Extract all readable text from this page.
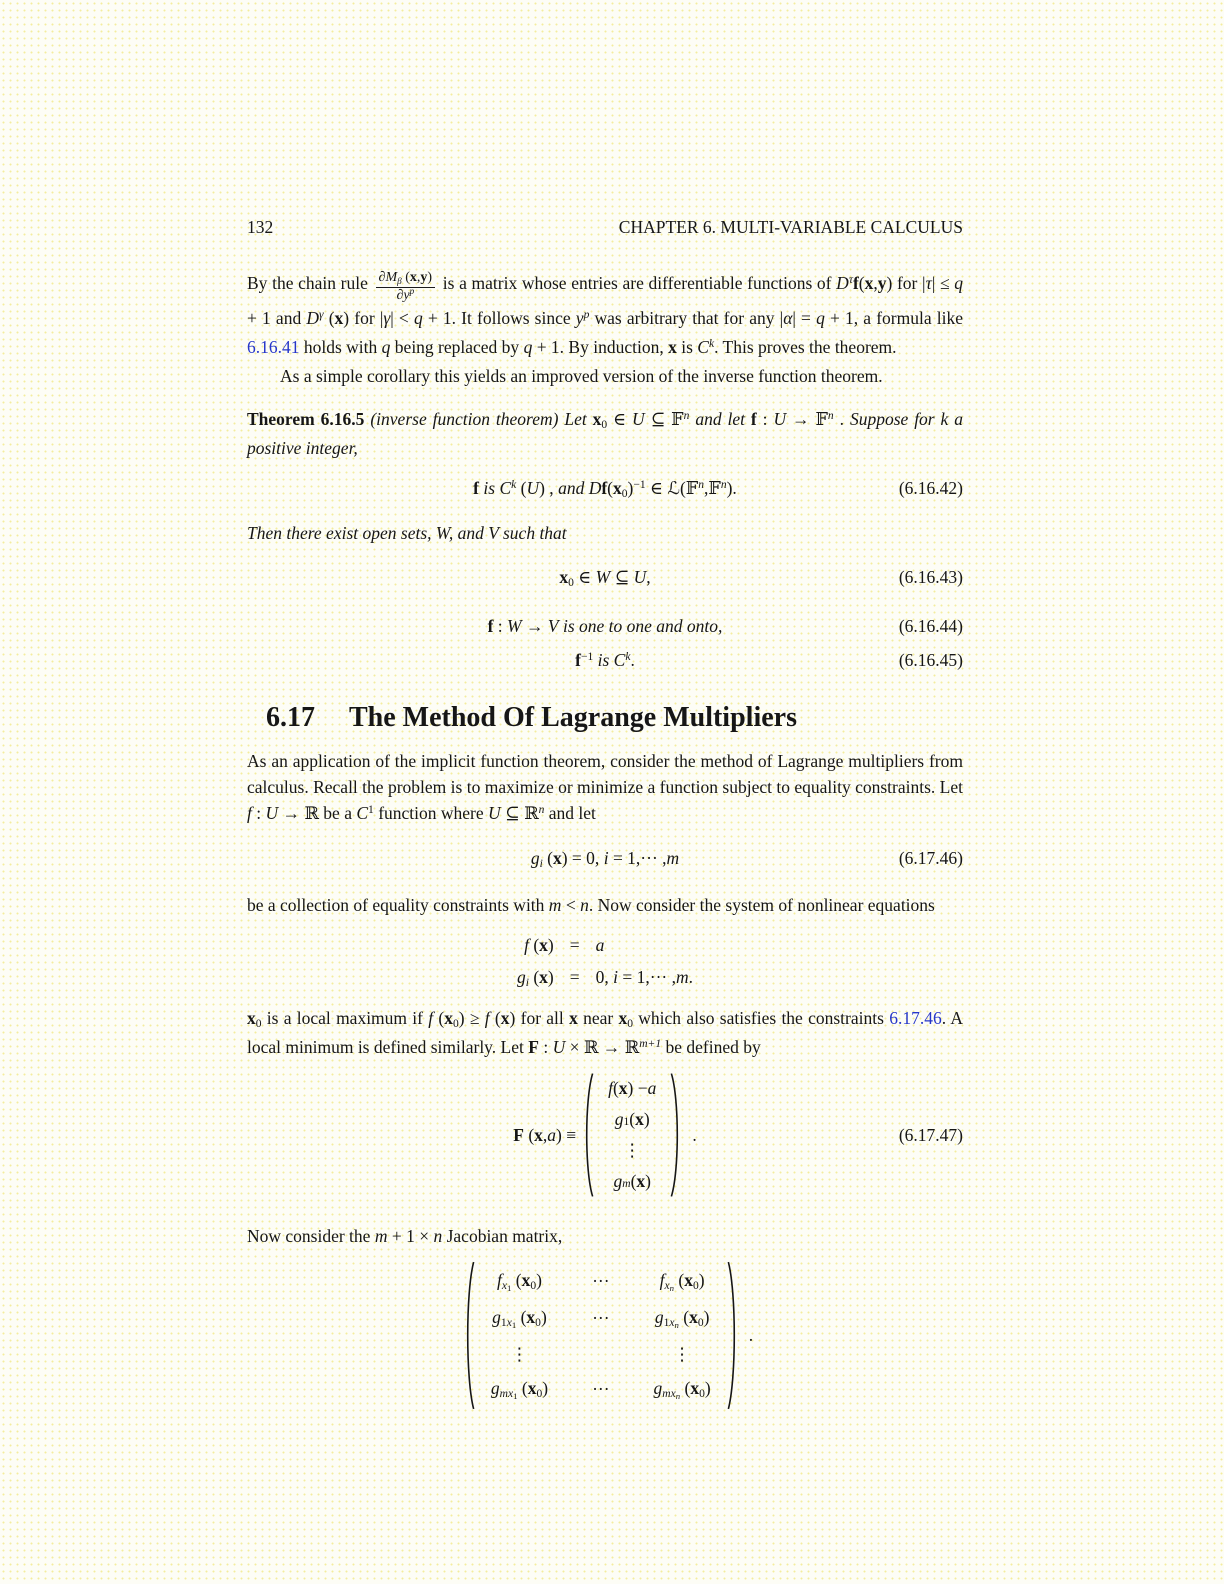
132	CHAPTER 6. MULTI-VARIABLE CALCULUS

By the chain rule $\frac{\partial M\beta (x,y)}{\partial y^p}$ is a matrix whose entries are differentiable functions of $D^\tau f(x,y)$ for |τ| ≤ q + 1 and $D^\gamma$ (x) for |γ| < q + 1. It follows since $y^p$ was arbitrary that for any |α| = q + 1, a formula like 6.16.41 holds with q being replaced by q + 1. By induction, x is $C^k$. This proves the theorem.

As a simple corollary this yields an improved version of the inverse function theorem.

Theorem 6.16.5 (inverse function theorem) Let x0 ∈ U ⊆ 𝔽$^n$ and let f : U → 𝔽$^n$ . Suppose for k a positive integer,

f is $C^k$ (U) , and $Df(x0)^{-1}$ ∈ ℒ(𝔽$^n$,𝔽$^n$).	(6.16.42)

Then there exist open sets, W, and V such that

x0 ∈ W ⊆ U,	(6.16.43)
f : W → V is one to one and onto,	(6.16.44)
$f^{-1}$ is $C^k$.	(6.16.45)
6.17 The Method Of Lagrange Multipliers

As an application of the implicit function theorem, consider the method of Lagrange multipliers from calculus. Recall the problem is to maximize or minimize a function subject to equality constraints. Let f : U → ℝ be a $C^1$ function where U ⊆ ℝ$^n$ and let

gi (x) = 0, i = 1,··· ,m	(6.17.46)

be a collection of equality constraints with m < n. Now consider the system of nonlinear equations

f (x) = a
gi (x) = 0, i = 1,··· ,m.

x0 is a local maximum if f (x0) ≥ f (x) for all x near x0 which also satisfies the constraints 6.17.46. A local minimum is defined similarly. Let F : U × ℝ → ℝ$^{m+1}$ be defined by

F (x,a) ≡
f ( x ) − a
g 1 ( x )
⋮
g m ( x )
.	(6.17.47)

Now consider the m + 1 × n Jacobian matrix,

$fx_1$ (x0)	···	$fx_n$ (x0)
$g1x_1$ (x0)	···	$g1x_n$ (x0)
⋮	⋮
gmx$_1$ (x0)	···	gmx$_n$ (x0)
.
